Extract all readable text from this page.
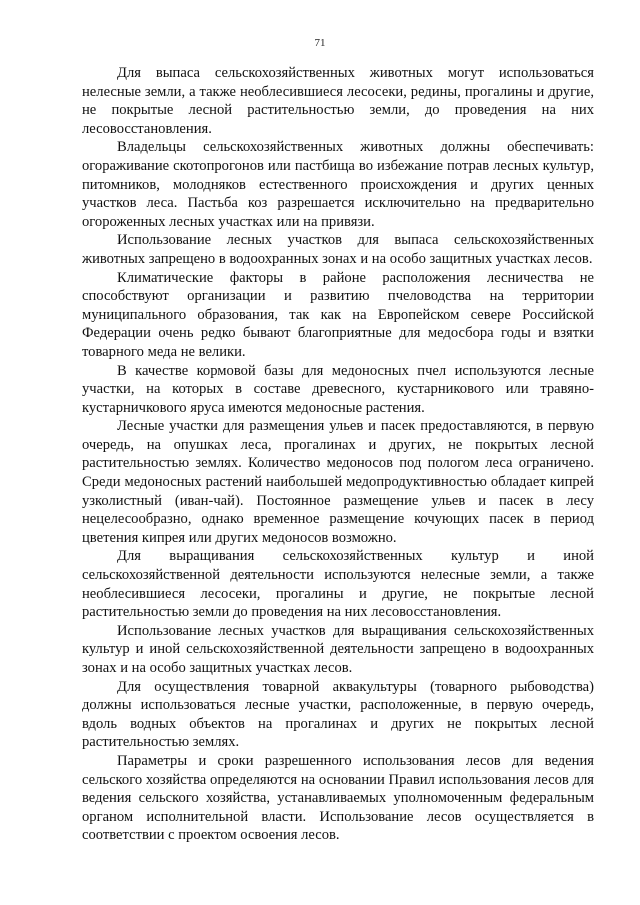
71

Для выпаса сельскохозяйственных животных могут использоваться нелесные земли, а также необлесившиеся лесосеки, редины, прогалины и другие, не покрытые лесной растительностью земли, до проведения на них лесовосстановления.

Владельцы сельскохозяйственных животных должны обеспечивать: огораживание скотопрогонов или пастбища во избежание потрав лесных культур, питомников, молодняков естественного происхождения и других ценных участков леса. Пастьба коз разрешается исключительно на предварительно огороженных лесных участках или на привязи.

Использование лесных участков для выпаса сельскохозяйственных животных запрещено в водоохранных зонах и на особо защитных участках лесов.

Климатические факторы в районе расположения лесничества не способствуют организации и развитию пчеловодства на территории муниципального образования, так как на Европейском севере Российской Федерации очень редко бывают благоприятные для медосбора годы и взятки товарного меда не велики.

В качестве кормовой базы для медоносных пчел используются лесные участки, на которых в составе древесного, кустарникового или травяно-кустарничкового яруса имеются медоносные растения.

Лесные участки для размещения ульев и пасек предоставляются, в первую очередь, на опушках леса, прогалинах и других, не покрытых лесной растительностью землях. Количество медоносов под пологом леса ограничено. Среди медоносных растений наибольшей медопродуктивностью обладает кипрей узколистный (иван-чай). Постоянное размещение ульев и пасек в лесу нецелесообразно, однако временное размещение кочующих пасек в период цветения кипрея или других медоносов возможно.

Для выращивания сельскохозяйственных культур и иной сельскохозяйственной деятельности используются нелесные земли, а также необлесившиеся лесосеки, прогалины и другие, не покрытые лесной растительностью земли до проведения на них лесовосстановления.

Использование лесных участков для выращивания сельскохозяйственных культур и иной сельскохозяйственной деятельности запрещено в водоохранных зонах и на особо защитных участках лесов.

Для осуществления товарной аквакультуры (товарного рыбоводства) должны использоваться лесные участки, расположенные, в первую очередь, вдоль водных объектов на прогалинах и других не покрытых лесной растительностью землях.

Параметры и сроки разрешенного использования лесов для ведения сельского хозяйства определяются на основании Правил использования лесов для ведения сельского хозяйства, устанавливаемых уполномоченным федеральным органом исполнительной власти. Использование лесов осуществляется в соответствии с проектом освоения лесов.
